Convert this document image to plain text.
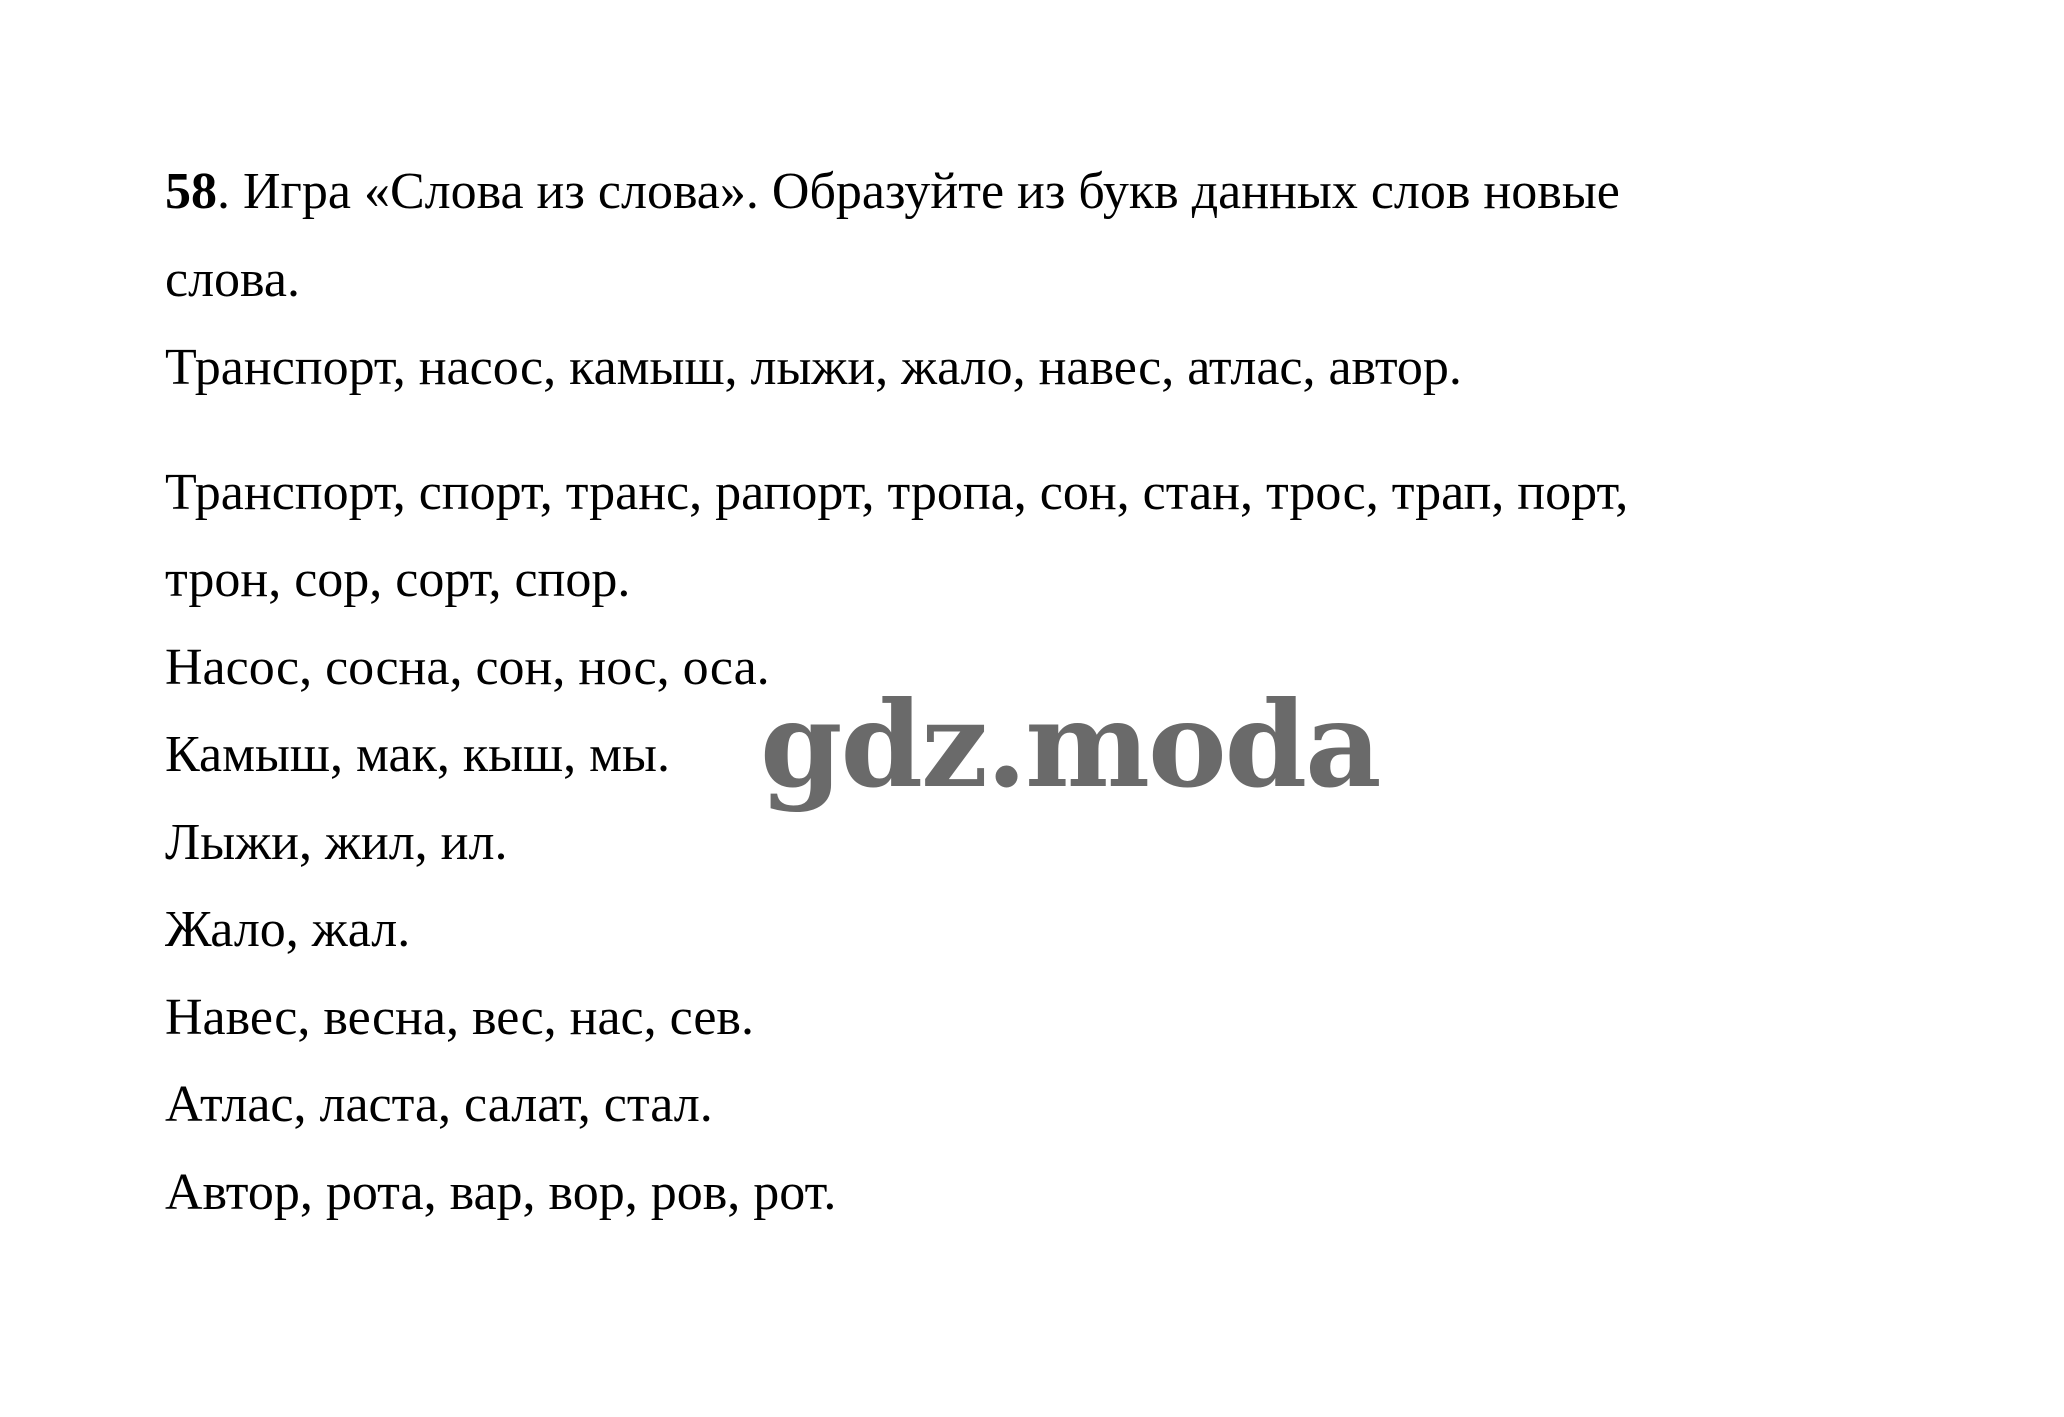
58. Игра «Слова из слова». Образуйте из букв данных слов новые
слова.
Транспорт, насос, камыш, лыжи, жало, навес, атлас, автор.
Транспорт, спорт, транс, рапорт, тропа, сон, стан, трос, трап, порт,
трон, сор, сорт, спор.
Насос, сосна, сон, нос, оса.
Камыш, мак, кыш, мы.
Лыжи, жил, ил.
Жало, жал.
Навес, весна, вес, нас, сев.
Атлас, ласта, салат, стал.
Автор, рота, вар, вор, ров, рот.
gdz.moda
